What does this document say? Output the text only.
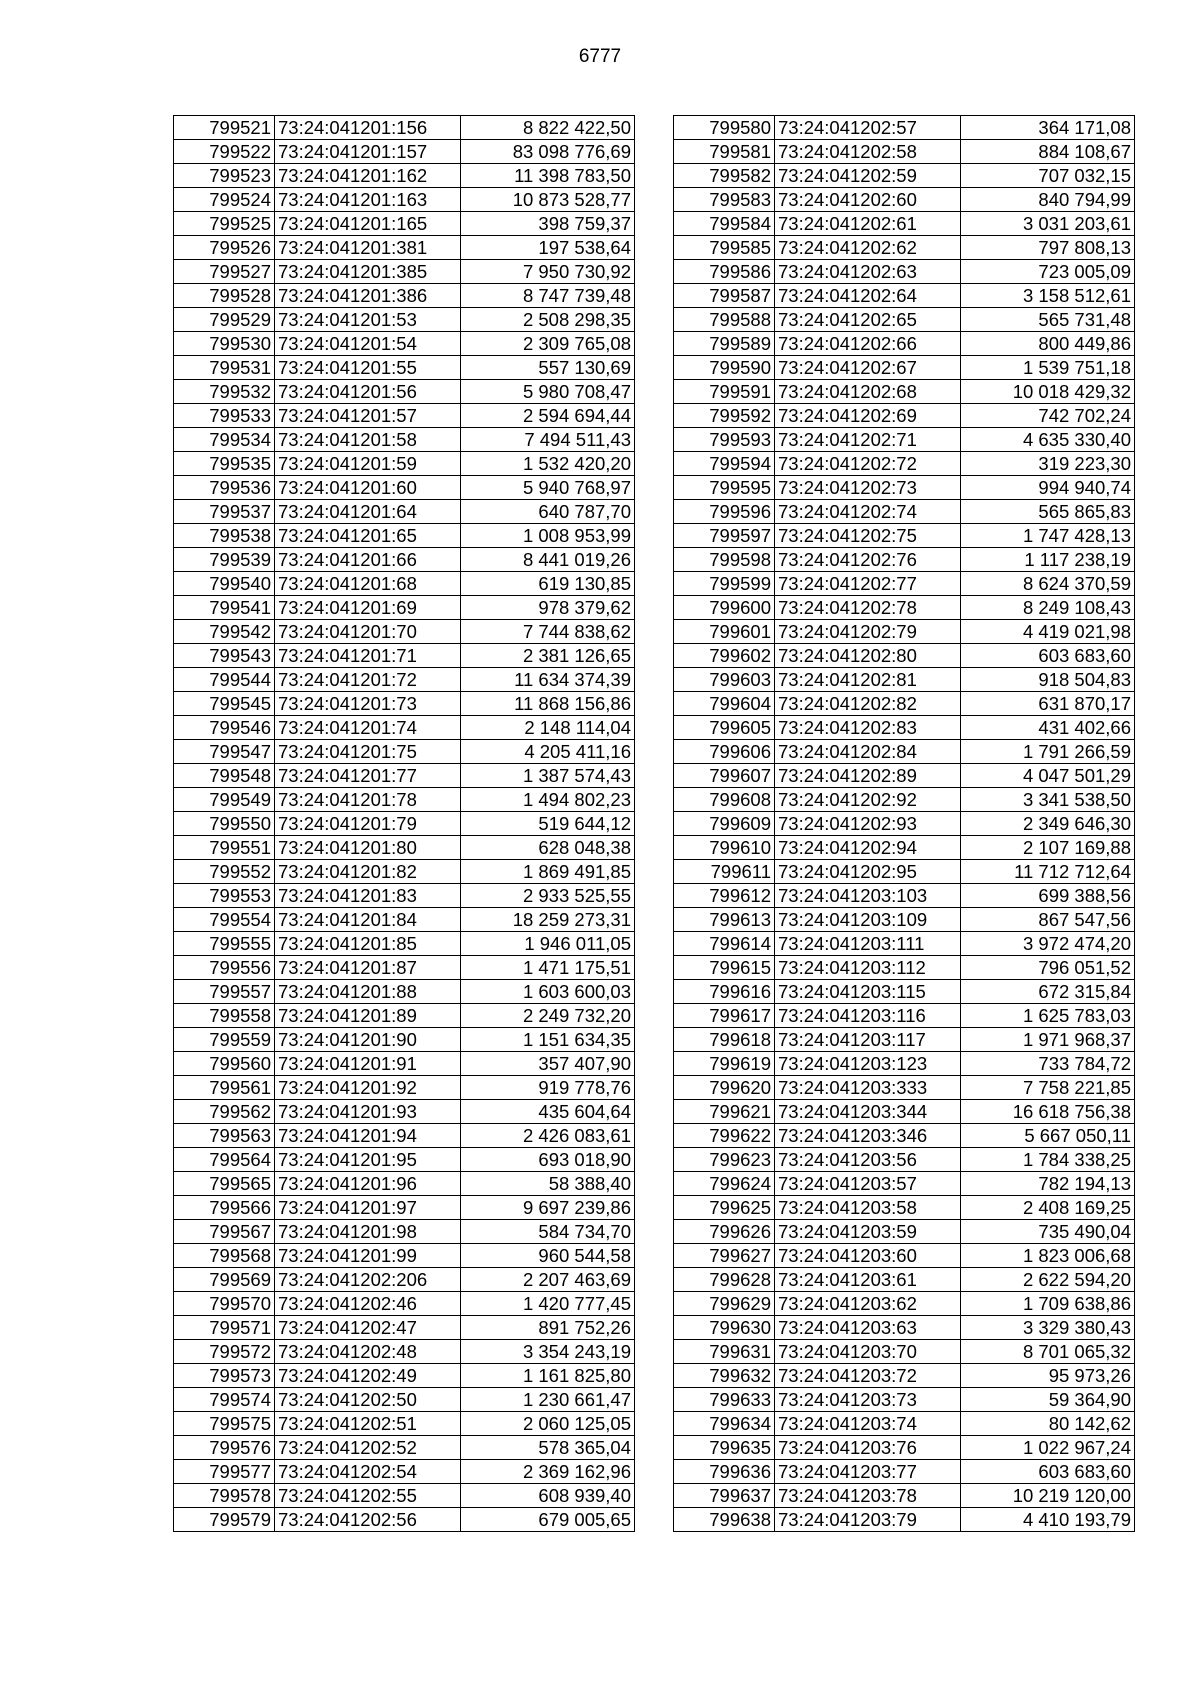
6777
799521	73:24:041201:156	8 822 422,50
799522	73:24:041201:157	83 098 776,69
799523	73:24:041201:162	11 398 783,50
799524	73:24:041201:163	10 873 528,77
799525	73:24:041201:165	398 759,37
799526	73:24:041201:381	197 538,64
799527	73:24:041201:385	7 950 730,92
799528	73:24:041201:386	8 747 739,48
799529	73:24:041201:53	2 508 298,35
799530	73:24:041201:54	2 309 765,08
799531	73:24:041201:55	557 130,69
799532	73:24:041201:56	5 980 708,47
799533	73:24:041201:57	2 594 694,44
799534	73:24:041201:58	7 494 511,43
799535	73:24:041201:59	1 532 420,20
799536	73:24:041201:60	5 940 768,97
799537	73:24:041201:64	640 787,70
799538	73:24:041201:65	1 008 953,99
799539	73:24:041201:66	8 441 019,26
799540	73:24:041201:68	619 130,85
799541	73:24:041201:69	978 379,62
799542	73:24:041201:70	7 744 838,62
799543	73:24:041201:71	2 381 126,65
799544	73:24:041201:72	11 634 374,39
799545	73:24:041201:73	11 868 156,86
799546	73:24:041201:74	2 148 114,04
799547	73:24:041201:75	4 205 411,16
799548	73:24:041201:77	1 387 574,43
799549	73:24:041201:78	1 494 802,23
799550	73:24:041201:79	519 644,12
799551	73:24:041201:80	628 048,38
799552	73:24:041201:82	1 869 491,85
799553	73:24:041201:83	2 933 525,55
799554	73:24:041201:84	18 259 273,31
799555	73:24:041201:85	1 946 011,05
799556	73:24:041201:87	1 471 175,51
799557	73:24:041201:88	1 603 600,03
799558	73:24:041201:89	2 249 732,20
799559	73:24:041201:90	1 151 634,35
799560	73:24:041201:91	357 407,90
799561	73:24:041201:92	919 778,76
799562	73:24:041201:93	435 604,64
799563	73:24:041201:94	2 426 083,61
799564	73:24:041201:95	693 018,90
799565	73:24:041201:96	58 388,40
799566	73:24:041201:97	9 697 239,86
799567	73:24:041201:98	584 734,70
799568	73:24:041201:99	960 544,58
799569	73:24:041202:206	2 207 463,69
799570	73:24:041202:46	1 420 777,45
799571	73:24:041202:47	891 752,26
799572	73:24:041202:48	3 354 243,19
799573	73:24:041202:49	1 161 825,80
799574	73:24:041202:50	1 230 661,47
799575	73:24:041202:51	2 060 125,05
799576	73:24:041202:52	578 365,04
799577	73:24:041202:54	2 369 162,96
799578	73:24:041202:55	608 939,40
799579	73:24:041202:56	679 005,65
799580	73:24:041202:57	364 171,08
799581	73:24:041202:58	884 108,67
799582	73:24:041202:59	707 032,15
799583	73:24:041202:60	840 794,99
799584	73:24:041202:61	3 031 203,61
799585	73:24:041202:62	797 808,13
799586	73:24:041202:63	723 005,09
799587	73:24:041202:64	3 158 512,61
799588	73:24:041202:65	565 731,48
799589	73:24:041202:66	800 449,86
799590	73:24:041202:67	1 539 751,18
799591	73:24:041202:68	10 018 429,32
799592	73:24:041202:69	742 702,24
799593	73:24:041202:71	4 635 330,40
799594	73:24:041202:72	319 223,30
799595	73:24:041202:73	994 940,74
799596	73:24:041202:74	565 865,83
799597	73:24:041202:75	1 747 428,13
799598	73:24:041202:76	1 117 238,19
799599	73:24:041202:77	8 624 370,59
799600	73:24:041202:78	8 249 108,43
799601	73:24:041202:79	4 419 021,98
799602	73:24:041202:80	603 683,60
799603	73:24:041202:81	918 504,83
799604	73:24:041202:82	631 870,17
799605	73:24:041202:83	431 402,66
799606	73:24:041202:84	1 791 266,59
799607	73:24:041202:89	4 047 501,29
799608	73:24:041202:92	3 341 538,50
799609	73:24:041202:93	2 349 646,30
799610	73:24:041202:94	2 107 169,88
799611	73:24:041202:95	11 712 712,64
799612	73:24:041203:103	699 388,56
799613	73:24:041203:109	867 547,56
799614	73:24:041203:111	3 972 474,20
799615	73:24:041203:112	796 051,52
799616	73:24:041203:115	672 315,84
799617	73:24:041203:116	1 625 783,03
799618	73:24:041203:117	1 971 968,37
799619	73:24:041203:123	733 784,72
799620	73:24:041203:333	7 758 221,85
799621	73:24:041203:344	16 618 756,38
799622	73:24:041203:346	5 667 050,11
799623	73:24:041203:56	1 784 338,25
799624	73:24:041203:57	782 194,13
799625	73:24:041203:58	2 408 169,25
799626	73:24:041203:59	735 490,04
799627	73:24:041203:60	1 823 006,68
799628	73:24:041203:61	2 622 594,20
799629	73:24:041203:62	1 709 638,86
799630	73:24:041203:63	3 329 380,43
799631	73:24:041203:70	8 701 065,32
799632	73:24:041203:72	95 973,26
799633	73:24:041203:73	59 364,90
799634	73:24:041203:74	80 142,62
799635	73:24:041203:76	1 022 967,24
799636	73:24:041203:77	603 683,60
799637	73:24:041203:78	10 219 120,00
799638	73:24:041203:79	4 410 193,79
